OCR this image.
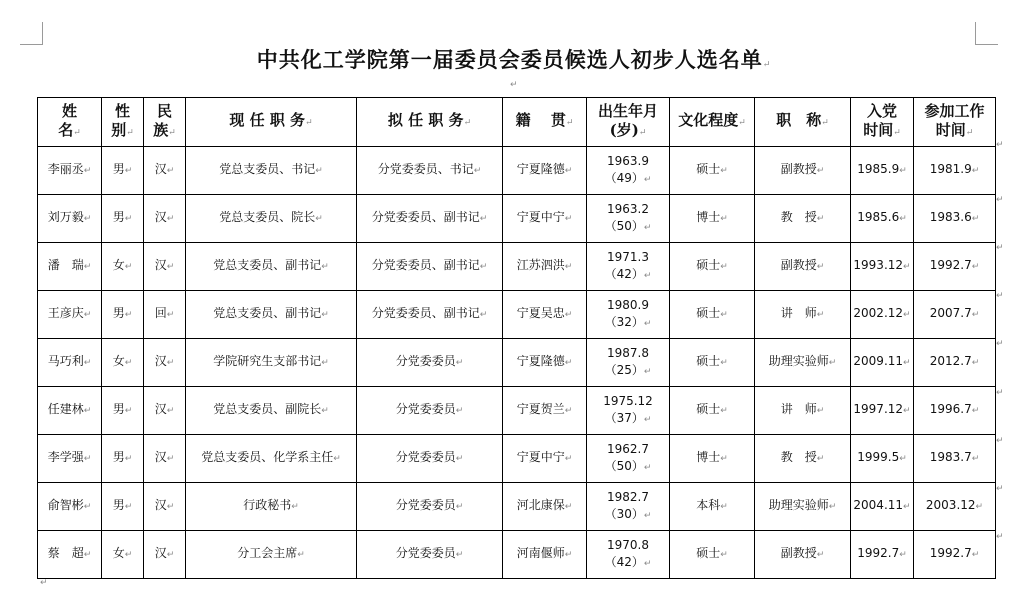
中共化工学院第一届委员会委员候选人初步人选名单↵
↵
姓
名↵	性
别↵	民
族↵	现 任 职 务↵	拟 任 职 务↵	籍　 贯↵	出生年月
(岁)↵	文化程度↵	职　称↵	入党
时间↵	参加工作
时间↵
李丽丞↵	男↵	汉↵	党总支委员、书记↵	分党委委员、书记↵	宁夏隆德↵	1963.9
（49）↵	硕士↵	副教授↵	1985.9↵	1981.9↵
刘万毅↵	男↵	汉↵	党总支委员、院长↵	分党委委员、副书记↵	宁夏中宁↵	1963.2
（50）↵	博士↵	教　授↵	1985.6↵	1983.6↵
潘　瑞↵	女↵	汉↵	党总支委员、副书记↵	分党委委员、副书记↵	江苏泗洪↵	1971.3
（42）↵	硕士↵	副教授↵	1993.12↵	1992.7↵
王彦庆↵	男↵	回↵	党总支委员、副书记↵	分党委委员、副书记↵	宁夏吴忠↵	1980.9
（32）↵	硕士↵	讲　师↵	2002.12↵	2007.7↵
马巧利↵	女↵	汉↵	学院研究生支部书记↵	分党委委员↵	宁夏隆德↵	1987.8
（25）↵	硕士↵	助理实验师↵	2009.11↵	2012.7↵
任建林↵	男↵	汉↵	党总支委员、副院长↵	分党委委员↵	宁夏贺兰↵	1975.12
（37）↵	硕士↵	讲　师↵	1997.12↵	1996.7↵
李学强↵	男↵	汉↵	党总支委员、化学系主任↵	分党委委员↵	宁夏中宁↵	1962.7
（50）↵	博士↵	教　授↵	1999.5↵	1983.7↵
俞智彬↵	男↵	汉↵	行政秘书↵	分党委委员↵	河北康保↵	1982.7
（30）↵	本科↵	助理实验师↵	2004.11↵	2003.12↵
蔡　超↵	女↵	汉↵	分工会主席↵	分党委委员↵	河南偃师↵	1970.8
（42）↵	硕士↵	副教授↵	1992.7↵	1992.7↵
↵
↵
↵
↵
↵
↵
↵
↵
↵
↵
